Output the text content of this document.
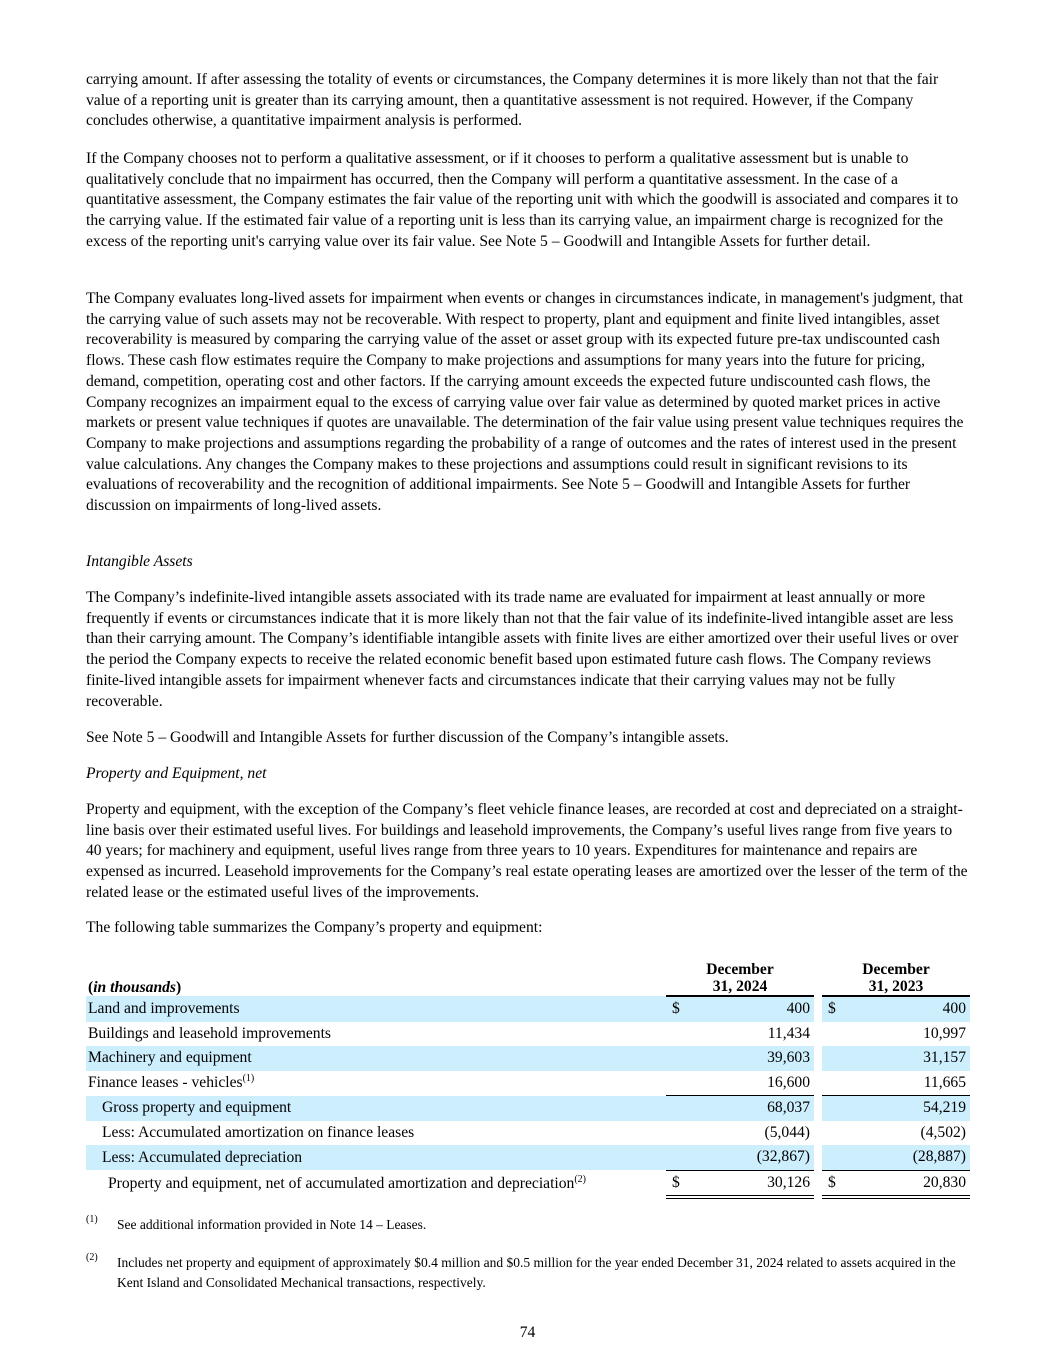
carrying amount. If after assessing the totality of events or circumstances, the Company determines it is more likely than not that the fair value of a reporting unit is greater than its carrying amount, then a quantitative assessment is not required. However, if the Company concludes otherwise, a quantitative impairment analysis is performed.

If the Company chooses not to perform a qualitative assessment, or if it chooses to perform a qualitative assessment but is unable to qualitatively conclude that no impairment has occurred, then the Company will perform a quantitative assessment. In the case of a quantitative assessment, the Company estimates the fair value of the reporting unit with which the goodwill is associated and compares it to the carrying value. If the estimated fair value of a reporting unit is less than its carrying value, an impairment charge is recognized for the excess of the reporting unit's carrying value over its fair value. See Note 5 – Goodwill and Intangible Assets for further detail.

The Company evaluates long-lived assets for impairment when events or changes in circumstances indicate, in management's judgment, that the carrying value of such assets may not be recoverable. With respect to property, plant and equipment and finite lived intangibles, asset recoverability is measured by comparing the carrying value of the asset or asset group with its expected future pre-tax undiscounted cash flows. These cash flow estimates require the Company to make projections and assumptions for many years into the future for pricing, demand, competition, operating cost and other factors. If the carrying amount exceeds the expected future undiscounted cash flows, the Company recognizes an impairment equal to the excess of carrying value over fair value as determined by quoted market prices in active markets or present value techniques if quotes are unavailable. The determination of the fair value using present value techniques requires the Company to make projections and assumptions regarding the probability of a range of outcomes and the rates of interest used in the present value calculations. Any changes the Company makes to these projections and assumptions could result in significant revisions to its evaluations of recoverability and the recognition of additional impairments. See Note 5 – Goodwill and Intangible Assets for further discussion on impairments of long-lived assets.

Intangible Assets

The Company’s indefinite-lived intangible assets associated with its trade name are evaluated for impairment at least annually or more frequently if events or circumstances indicate that it is more likely than not that the fair value of its indefinite-lived intangible asset are less than their carrying amount. The Company’s identifiable intangible assets with finite lives are either amortized over their useful lives or over the period the Company expects to receive the related economic benefit based upon estimated future cash flows. The Company reviews finite-lived intangible assets for impairment whenever facts and circumstances indicate that their carrying values may not be fully recoverable.

See Note 5 – Goodwill and Intangible Assets for further discussion of the Company’s intangible assets.

Property and Equipment, net

Property and equipment, with the exception of the Company’s fleet vehicle finance leases, are recorded at cost and depreciated on a straight-line basis over their estimated useful lives. For buildings and leasehold improvements, the Company’s useful lives range from five years to 40 years; for machinery and equipment, useful lives range from three years to 10 years. Expenditures for maintenance and repairs are expensed as incurred. Leasehold improvements for the Company’s real estate operating leases are amortized over the lesser of the term of the related lease or the estimated useful lives of the improvements.

The following table summarizes the Company’s property and equipment:

(in thousands)	December 31, 2024			December 31, 2023	
Land and improvements	$	400		$	400
Buildings and leasehold improvements		11,434			10,997
Machinery and equipment		39,603			31,157
Finance leases - vehicles$^{(1)}$		16,600			11,665
Gross property and equipment		68,037			54,219
Less: Accumulated amortization on finance leases		(5,044)			(4,502)
Less: Accumulated depreciation		(32,867)			(28,887)
Property and equipment, net of accumulated amortization and depreciation$^{(2)}$	$	30,126		$	20,830
(1) See additional information provided in Note 14 – Leases.
(2) Includes net property and equipment of approximately $0.4 million and $0.5 million for the year ended December 31, 2024 related to assets acquired in the Kent Island and Consolidated Mechanical transactions, respectively.
74
